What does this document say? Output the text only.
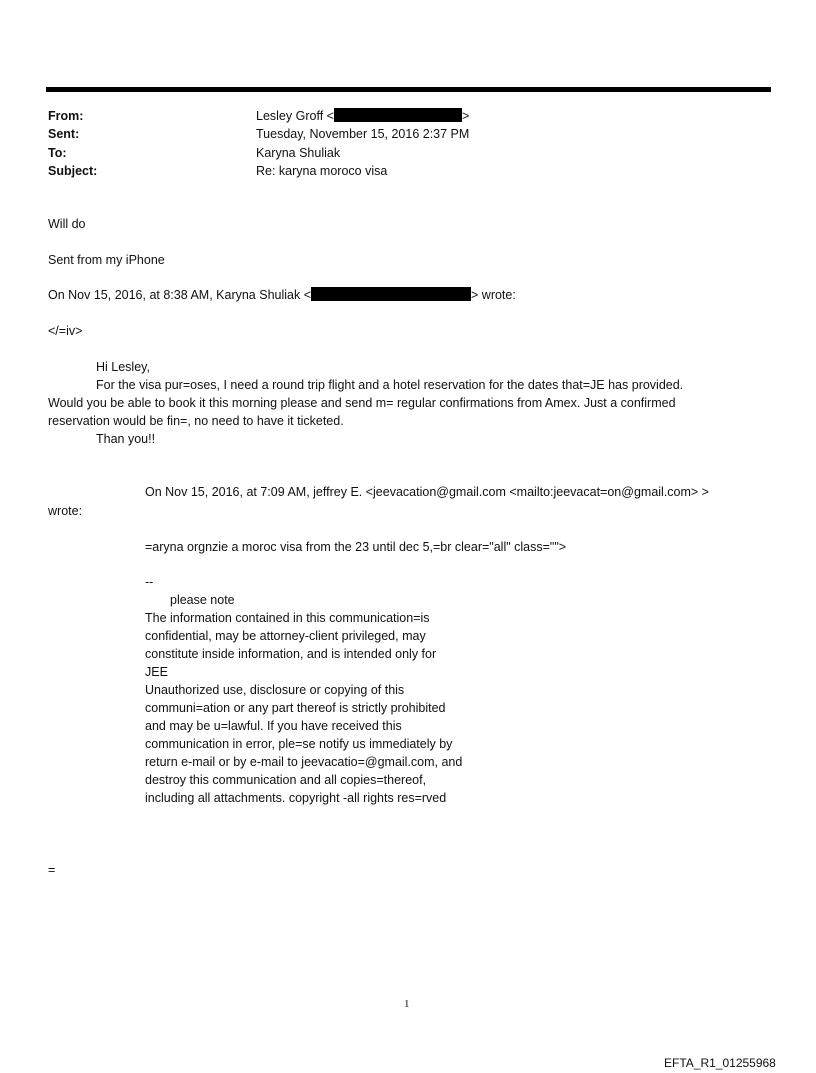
From:
Sent:
To:
Subject:
Lesley Groff <	>
Tuesday, November 15, 2016 2:37 PM
Karyna Shuliak
Re: karyna moroco visa
Will do
Sent from my iPhone
On Nov 15, 2016, at 8:38 AM, Karyna Shuliak <	> wrote:
</=iv>
Hi Lesley,
For the visa pur=oses, I need a round trip flight and a hotel reservation for the dates that=JE has provided.
Would you be able to book it this morning please and send m= regular confirmations from Amex. Just a confirmed
reservation would be fin=, no need to have it ticketed.
Than you!!
On Nov 15, 2016, at 7:09 AM, jeffrey E. <jeevacation@gmail.com <mailto:jeevacat=on@gmail.com> >
wrote:
=aryna orgnzie a moroc visa from the 23 until dec 5,=br clear="all" class="">
--
please note
The information contained in this communication=is
confidential, may be attorney-client privileged, may
constitute inside information, and is intended only for
JEE
Unauthorized use, disclosure or copying of this
communi=ation or any part thereof is strictly prohibited
and may be u=lawful. If you have received this
communication in error, ple=se notify us immediately by
return e-mail or by e-mail to jeevacatio=@gmail.com, and
destroy this communication and all copies=thereof,
including all attachments. copyright -all rights res=rved
=
1
EFTA_R1_01255968
